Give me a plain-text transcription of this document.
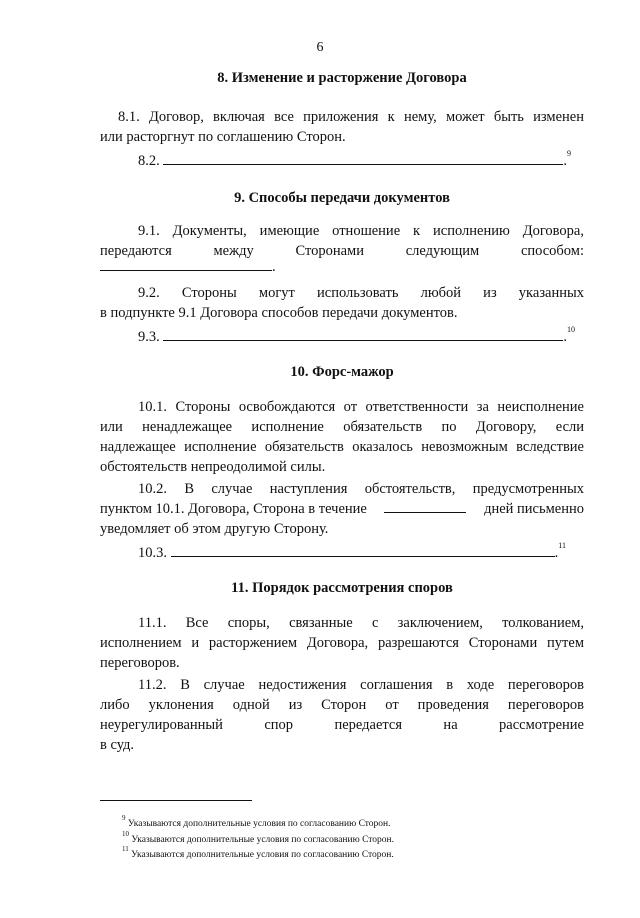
6
8. Изменение и расторжение Договора
8.1. Договор, включая все приложения к нему, может быть изменен
или расторгнут по соглашению Сторон.
8.2.	.$^9$
9. Способы передачи документов
9.1. Документы, имеющие отношение к исполнению Договора,
передаются между Сторонами следующим способом:
.
9.2. Стороны могут использовать любой из указанных
в подпункте 9.1 Договора способов передачи документов.
9.3.	.$^{10}$
10. Форс-мажор
10.1. Стороны освобождаются от ответственности за неисполнение
или ненадлежащее исполнение обязательств по Договору, если
надлежащее исполнение обязательств оказалось невозможным вследствие
обстоятельств непреодолимой силы.
10.2. В случае наступления обстоятельств, предусмотренных
пунктом 10.1. Договора, Сторона в течение	дней письменно
уведомляет об этом другую Сторону.
10.3.	.$^{11}$
11. Порядок рассмотрения споров
11.1. Все споры, связанные с заключением, толкованием,
исполнением и расторжением Договора, разрешаются Сторонами путем
переговоров.
11.2. В случае недостижения соглашения в ходе переговоров
либо уклонения одной из Сторон от проведения переговоров
неурегулированный спор передается на рассмотрение
в суд.
$^9$ Указываются дополнительные условия по согласованию Сторон.
$^{10}$ Указываются дополнительные условия по согласованию Сторон.
$^{11}$ Указываются дополнительные условия по согласованию Сторон.
